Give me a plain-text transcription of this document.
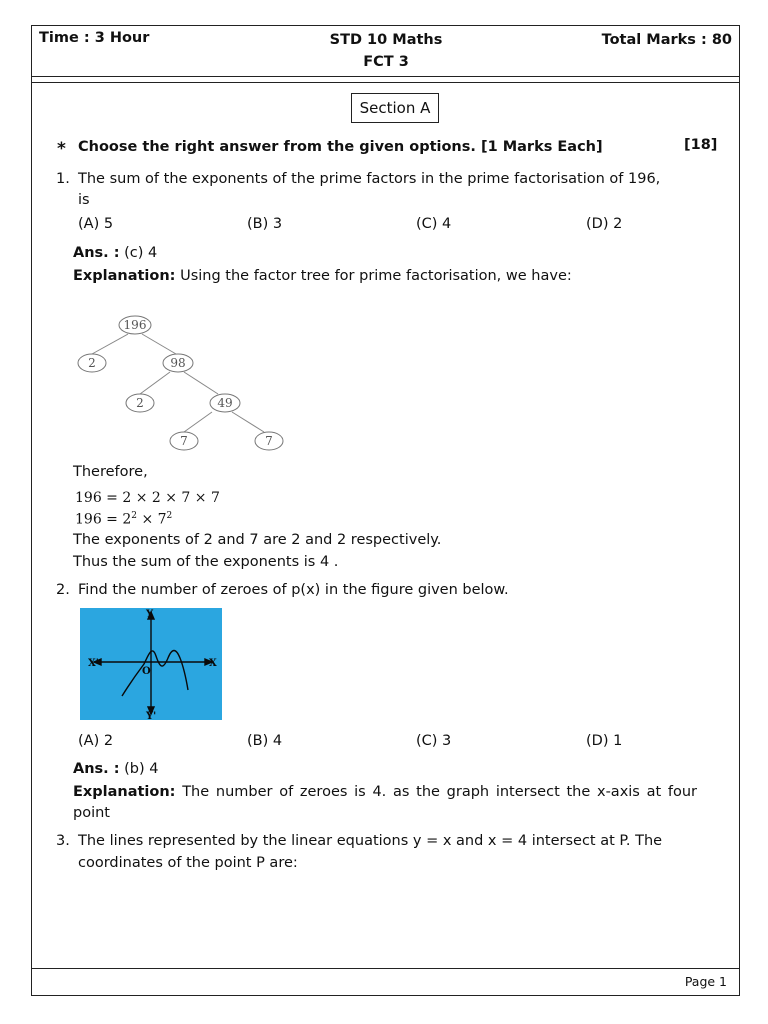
Time : 3 Hour	STD 10 Maths
FCT 3
Total Marks : 80
Section A
* Choose the right answer from the given options. [1 Marks Each]	[18]
1. The sum of the exponents of the prime factors in the prime factorisation of 196,
is
(A) 5	(B) 3	(C) 4	(D) 2
Ans. : (c) 4
Explanation: Using the factor tree for prime factorisation, we have:
196
2	98
2	49
7	7
Therefore,
196 = 2 × 2 × 7 × 7
$196 = 2^2 \times 7^2$
The exponents of 2 and 7 are 2 and 2 respectively.
Thus the sum of the exponents is 4 .
2. Find the number of zeroes of p(x) in the figure given below.
X'	X
Y
Y'
O
(A) 2	(B) 4	(C) 3	(D) 1
Ans. : (b) 4
Explanation: The number of zeroes is 4. as the graph intersect the x-axis at four
point
3. The lines represented by the linear equations y = x and x = 4 intersect at P. The
coordinates of the point P are:
Page 1
